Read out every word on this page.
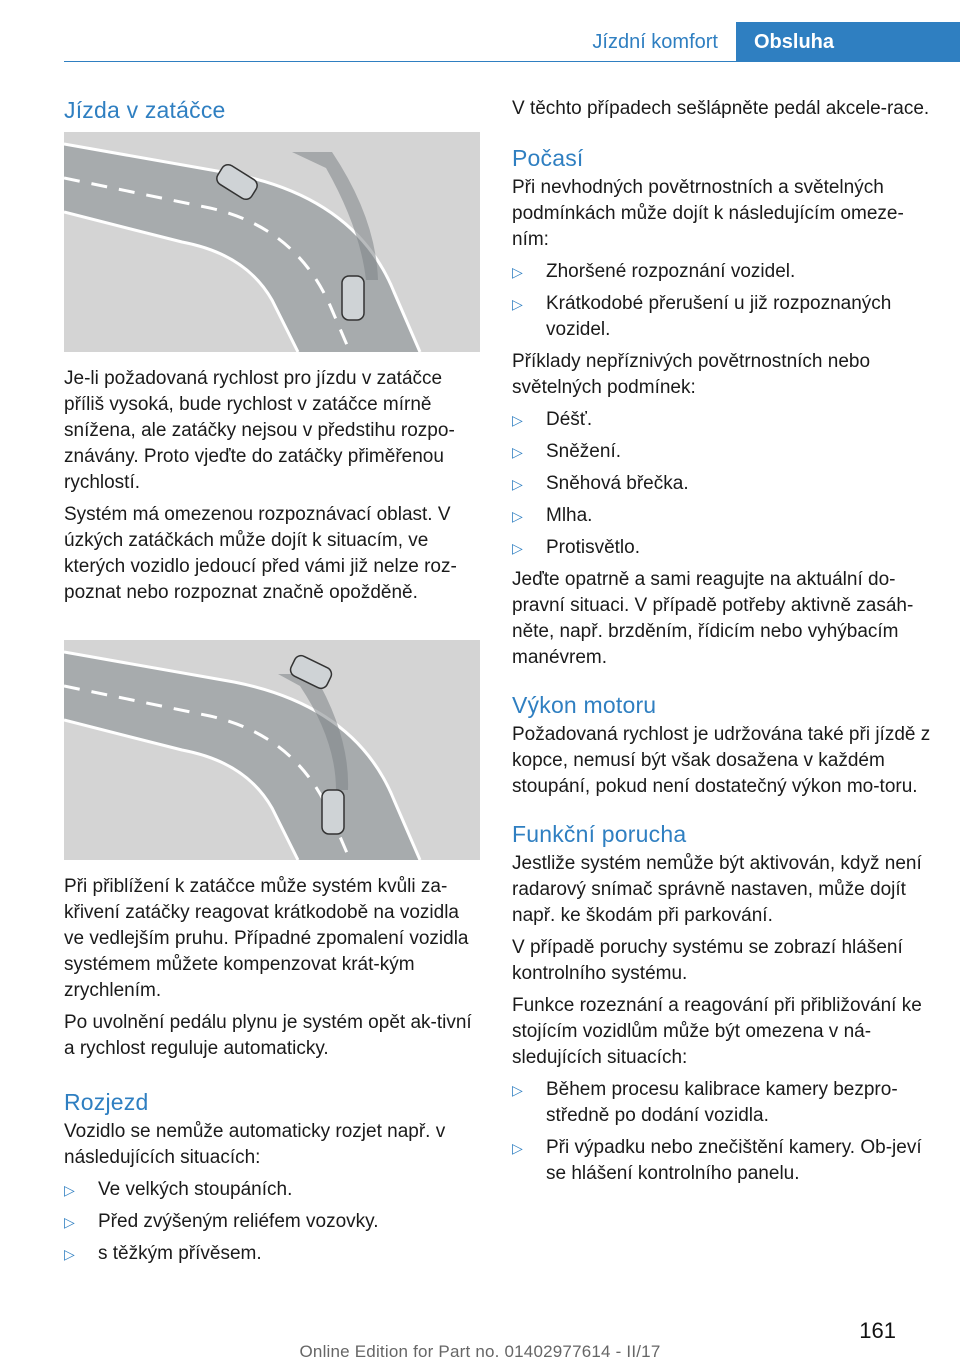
Jízdní komfort	Obsluha
Jízda v zatáčce

Je-li požadovaná rychlost pro jízdu v zatáčce příliš vysoká, bude rychlost v zatáčce mírně snížena, ale zatáčky nejsou v předstihu rozpo‐znávány. Proto vjeďte do zatáčky přiměřenou rychlostí.

Systém má omezenou rozpoznávací oblast. V úzkých zatáčkách může dojít k situacím, ve kterých vozidlo jedoucí před vámi již nelze roz‐poznat nebo rozpoznat značně opožděně.

Při přiblížení k zatáčce může systém kvůli za‐křivení zatáčky reagovat krátkodobě na vozidla ve vedlejším pruhu. Případné zpomalení vozidla systémem můžete kompenzovat krát‐kým zrychlením.

Po uvolnění pedálu plynu je systém opět ak‐tivní a rychlost reguluje automaticky.

Rozjezd

Vozidlo se nemůže automaticky rozjet např. v následujících situacích:

▷ Ve velkých stoupáních.
▷ Před zvýšeným reliéfem vozovky.
▷ s těžkým přívěsem.

V těchto případech sešlápněte pedál akcele‐race.

Počasí

Při nevhodných povětrnostních a světelných podmínkách může dojít k následujícím omeze‐ním:

▷ Zhoršené rozpoznání vozidel.
▷ Krátkodobé přerušení u již rozpoznaných vozidel.

Příklady nepříznivých povětrnostních nebo světelných podmínek:

▷ Déšť.
▷ Sněžení.
▷ Sněhová břečka.
▷ Mlha.
▷ Protisvětlo.

Jeďte opatrně a sami reagujte na aktuální do‐pravní situaci. V případě potřeby aktivně zasáh‐něte, např. brzděním, řídicím nebo vyhýbacím manévrem.

Výkon motoru

Požadovaná rychlost je udržována také při jízdě z kopce, nemusí být však dosažena v každém stoupání, pokud není dostatečný výkon mo‐toru.

Funkční porucha

Jestliže systém nemůže být aktivován, když není radarový snímač správně nastaven, může dojít např. ke škodám při parkování.

V případě poruchy systému se zobrazí hlášení kontrolního systému.

Funkce rozeznání a reagování při přibližování ke stojícím vozidlům může být omezena v ná‐sledujících situacích:

▷ Během procesu kalibrace kamery bezpro‐středně po dodání vozidla.
▷ Při výpadku nebo znečištění kamery. Ob‐jeví se hlášení kontrolního panelu.
161
Online Edition for Part no. 01402977614 - II/17
